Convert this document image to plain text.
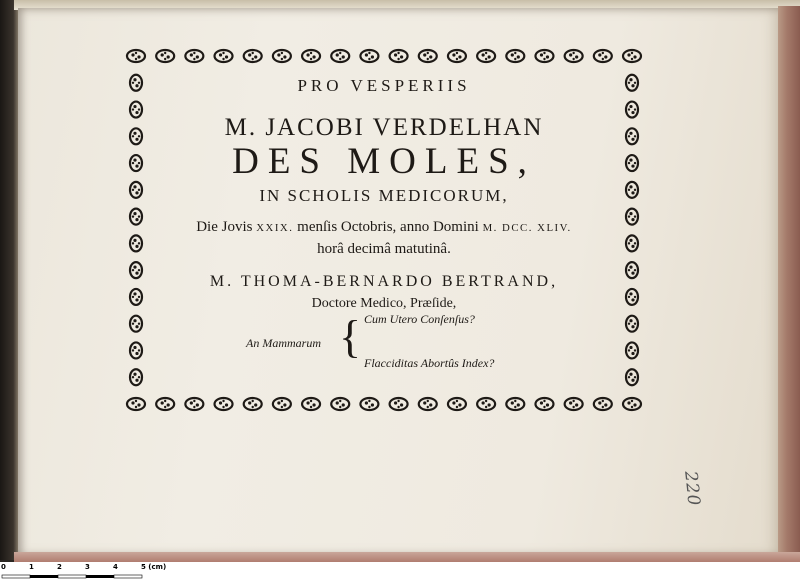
PRO VESPERIIS
M. JACOBI VERDELHAN
DES MOLES,
IN SCHOLIS MEDICORUM,
Die Jovis XXIX. menſis Octobris, anno Domini M. DCC. XLIV.
horâ decimâ matutinâ.
M. THOMA-BERNARDO BERTRAND,
Doctore Medico, Præſide,
An Mammarum { Cum Utero Conſenſus?
Flacciditas Abortûs Index?
220
0	1	2	3	4	5 (cm)
